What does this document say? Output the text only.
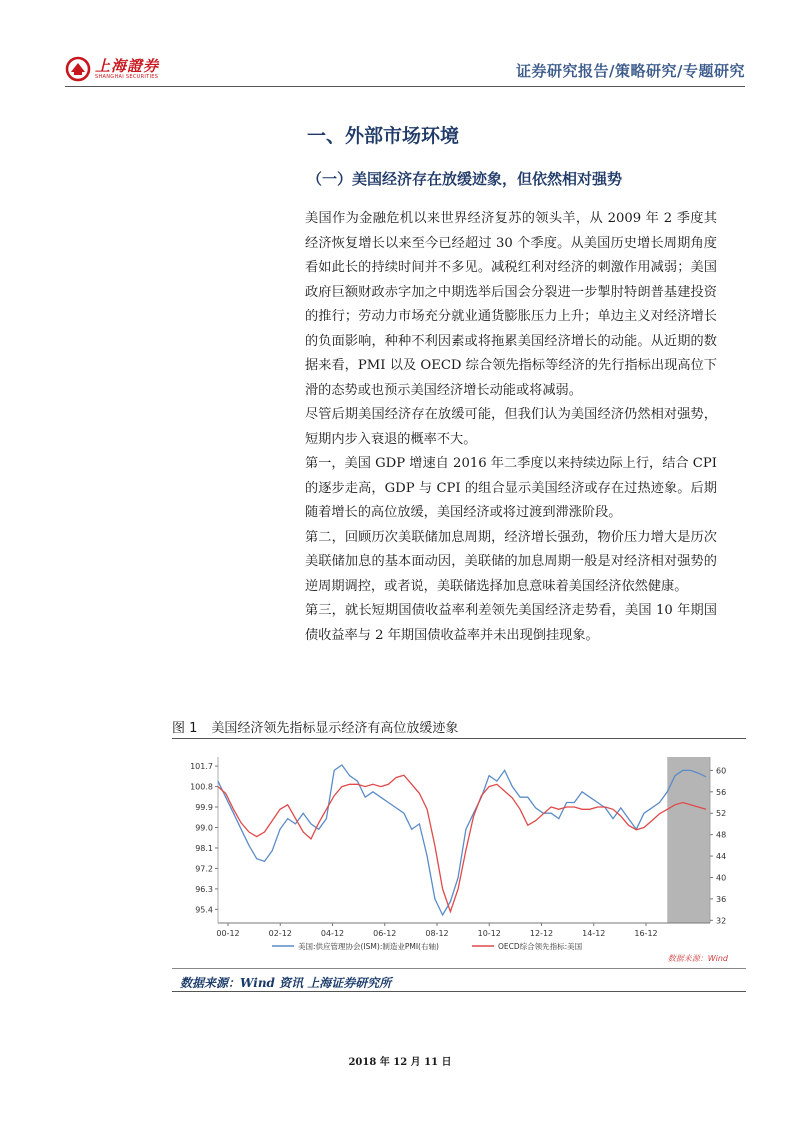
上海證券
SHANGHAI SECURITIES	证券研究报告/策略研究/专题研究
一、外部市场环境
（一）美国经济存在放缓迹象，但依然相对强势

美国作为金融危机以来世界经济复苏的领头羊，从 2009 年 2 季度其经济恢复增长以来至今已经超过 30 个季度。从美国历史增长周期角度看如此长的持续时间并不多见。减税红利对经济的刺激作用减弱；美国政府巨额财政赤字加之中期选举后国会分裂进一步掣肘特朗普基建投资的推行；劳动力市场充分就业通货膨胀压力上升；单边主义对经济增长的负面影响，种种不利因素或将拖累美国经济增长的动能。从近期的数据来看，PMI 以及 OECD 综合领先指标等经济的先行指标出现高位下滑的态势或也预示美国经济增长动能或将减弱。

尽管后期美国经济存在放缓可能，但我们认为美国经济仍然相对强势，短期内步入衰退的概率不大。

第一，美国 GDP 增速自 2016 年二季度以来持续边际上行，结合 CPI 的逐步走高，GDP 与 CPI 的组合显示美国经济或存在过热迹象。后期随着增长的高位放缓，美国经济或将过渡到滞涨阶段。

第二，回顾历次美联储加息周期，经济增长强劲，物价压力增大是历次美联储加息的基本面动因，美联储的加息周期一般是对经济相对强势的逆周期调控，或者说，美联储选择加息意味着美国经济依然健康。

第三，就长短期国债收益率利差领先美国经济走势看，美国 10 年期国债收益率与 2 年期国债收益率并未出现倒挂现象。

图 1 美国经济领先指标显示经济有高位放缓迹象
101.7
100.8
99.9
99.0
98.1
97.2
96.3
95.4
60
56
52
48
44
40
36
32
00-12	02-12	04-12	06-12	08-12	10-12	12-12	14-12	16-12
美国:供应管理协会(ISM):制造业PMI(右轴)	OECD综合领先指标:美国
数据来源：Wind
数据来源：Wind 资讯 上海证券研究所
2018 年 12 月 11 日
